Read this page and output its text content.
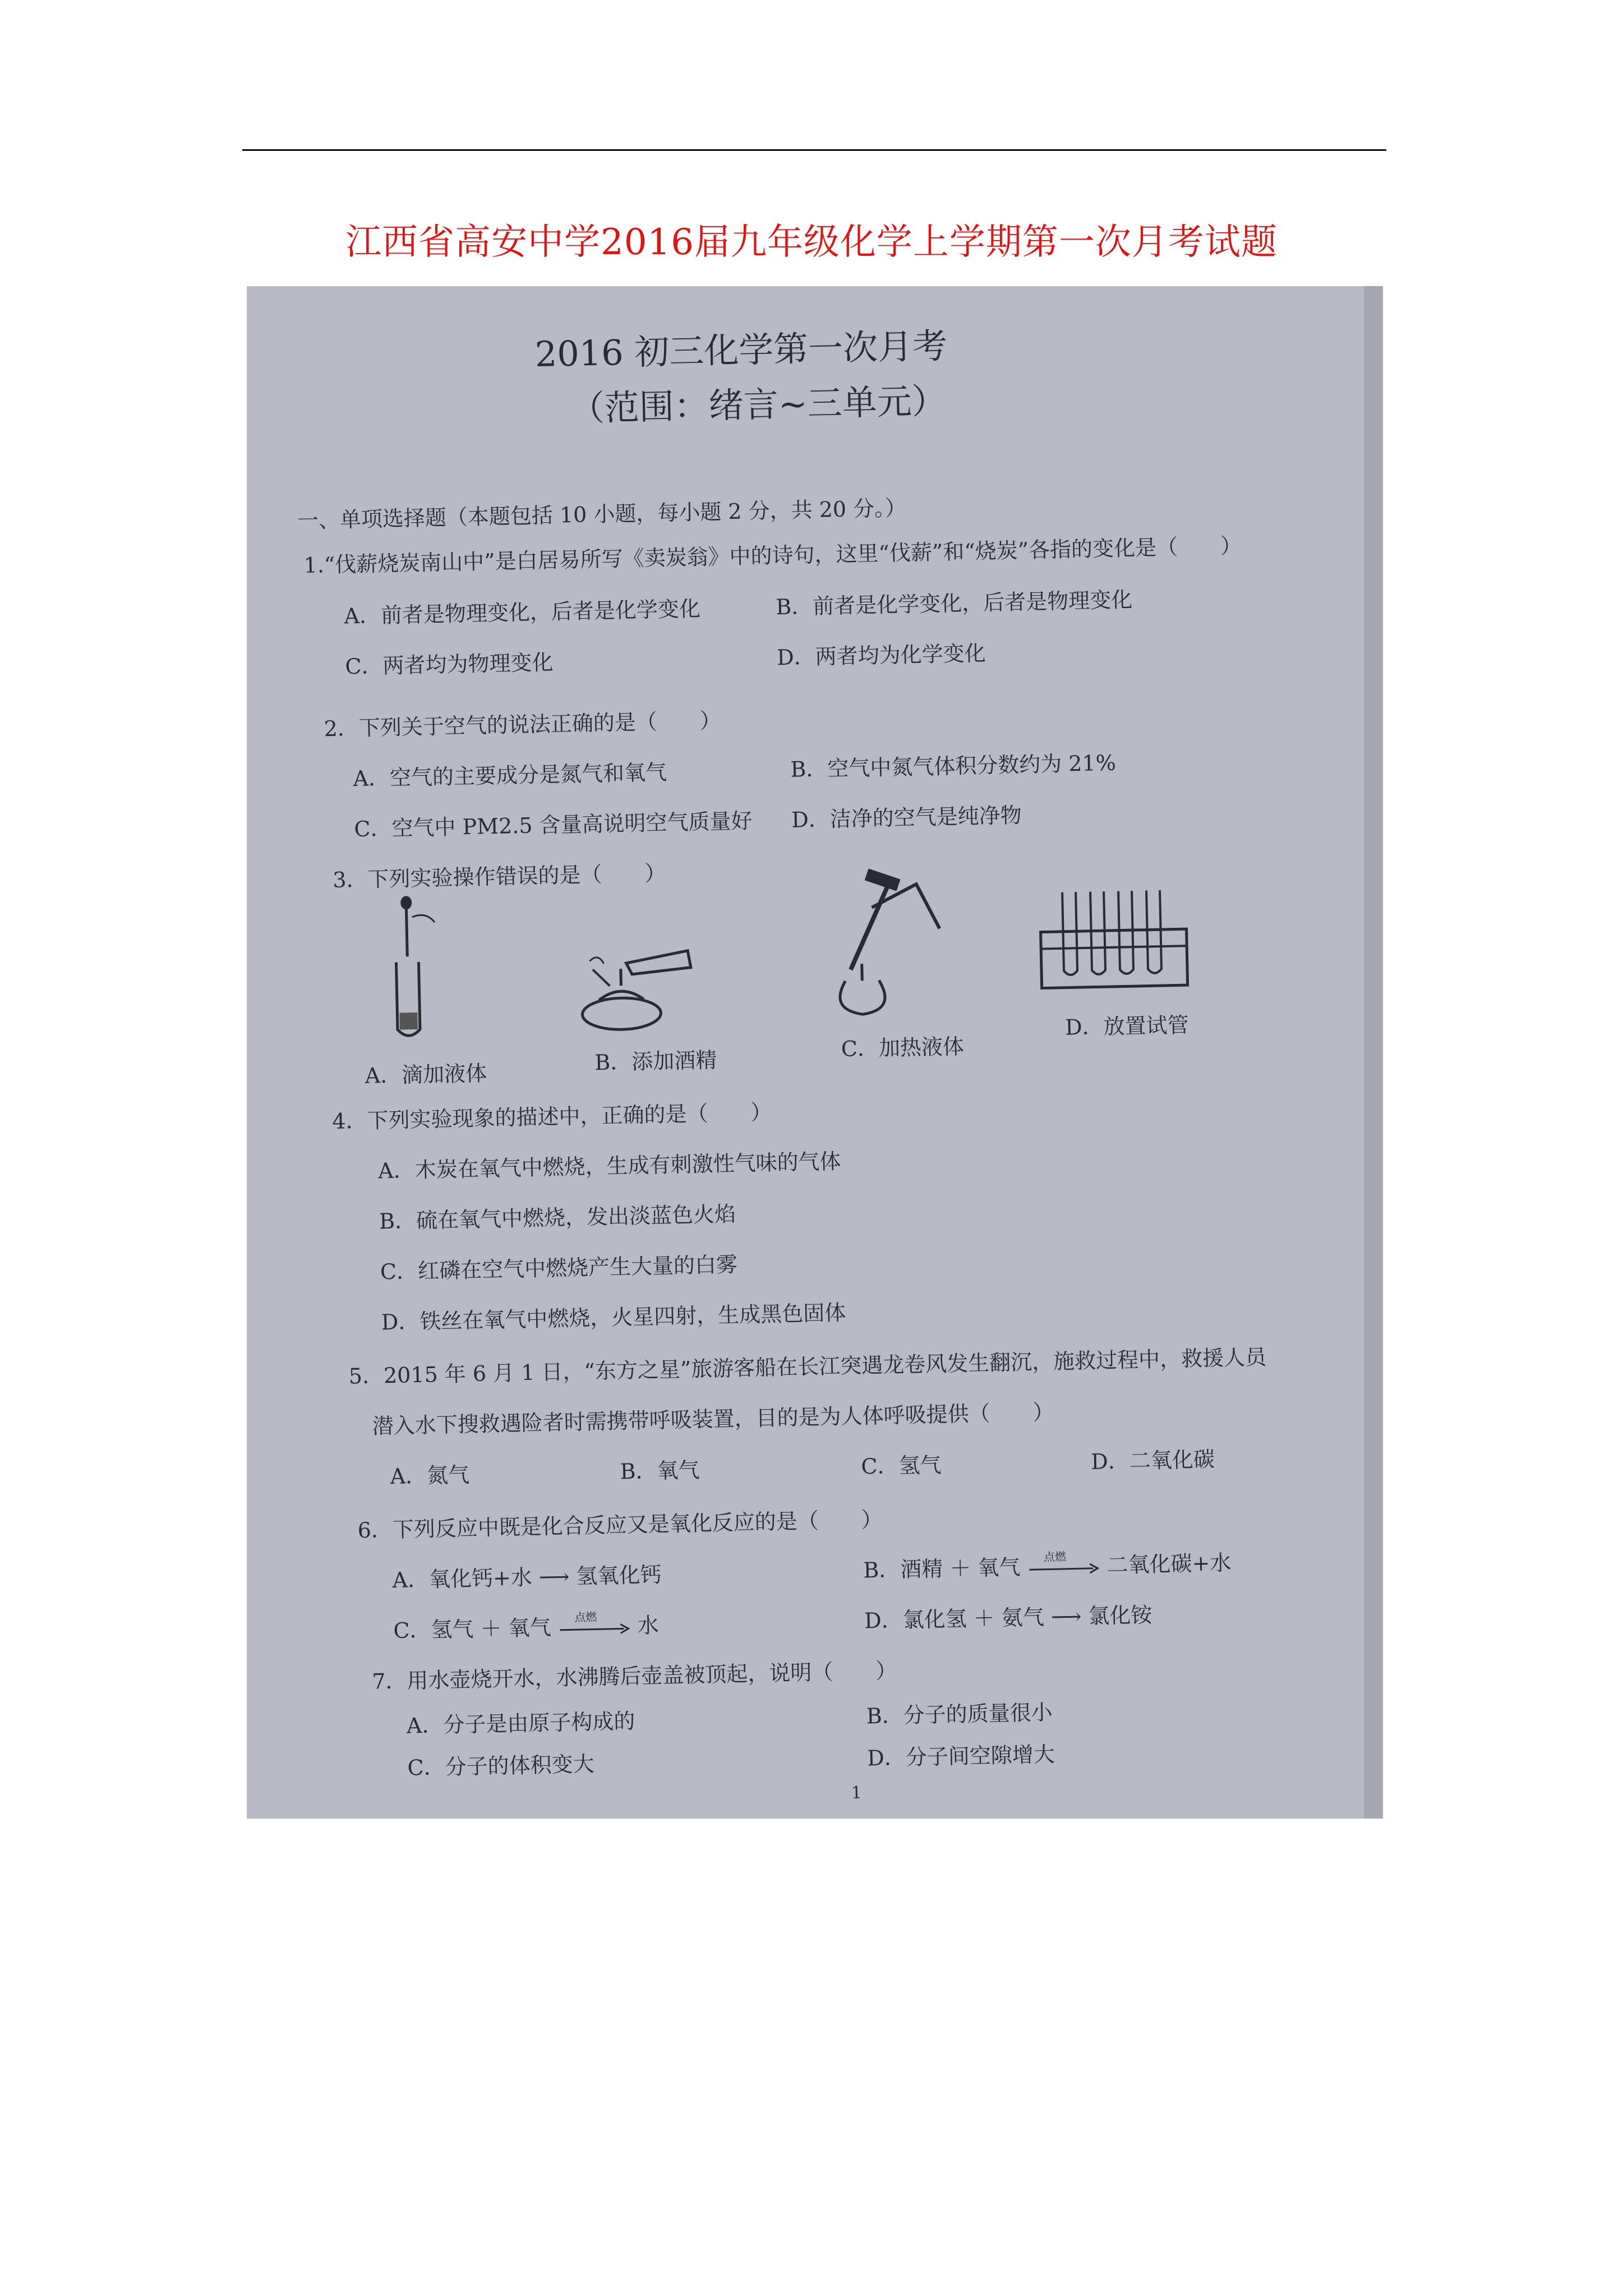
江西省高安中学2016届九年级化学上学期第一次月考试题
2016 初三化学第一次月考
（范围：绪言~三单元）
一、单项选择题（本题包括 10 小题，每小题 2 分，共 20 分。）
1.“伐薪烧炭南山中”是白居易所写《卖炭翁》中的诗句，这里“伐薪”和“烧炭”各指的变化是（　　）
A．前者是物理变化，后者是化学变化	B．前者是化学变化，后者是物理变化
C．两者均为物理变化	D．两者均为化学变化
2．下列关于空气的说法正确的是（　　）
A．空气的主要成分是氮气和氧气	B．空气中氮气体积分数约为 21%
C．空气中 PM2.5 含量高说明空气质量好 D．洁净的空气是纯净物
3．下列实验操作错误的是（　　）
A．滴加液体	B．添加酒精	C．加热液体
D．放置试管
4．下列实验现象的描述中，正确的是（　　）
A．木炭在氧气中燃烧，生成有刺激性气味的气体
B．硫在氧气中燃烧，发出淡蓝色火焰
C．红磷在空气中燃烧产生大量的白雾
D．铁丝在氧气中燃烧，火星四射，生成黑色固体
5．2015 年 6 月 1 日，“东方之星”旅游客船在长江突遇龙卷风发生翻沉，施救过程中，救援人员
潜入水下搜救遇险者时需携带呼吸装置，目的是为人体呼吸提供（　　）
A．氮气	B．氧气	C．氢气	D．二氧化碳
6．下列反应中既是化合反应又是氧化反应的是（　　）
A．氧化钙+水 ⟶ 氢氧化钙	B．酒精 ＋ 氧气 点燃 二氧化碳+水
C．氢气 ＋ 氧气 点燃 水	D．氯化氢 ＋ 氨气 ⟶ 氯化铵
7．用水壶烧开水，水沸腾后壶盖被顶起，说明（　　）
A．分子是由原子构成的	B．分子的质量很小
C．分子的体积变大	D．分子间空隙增大
1
